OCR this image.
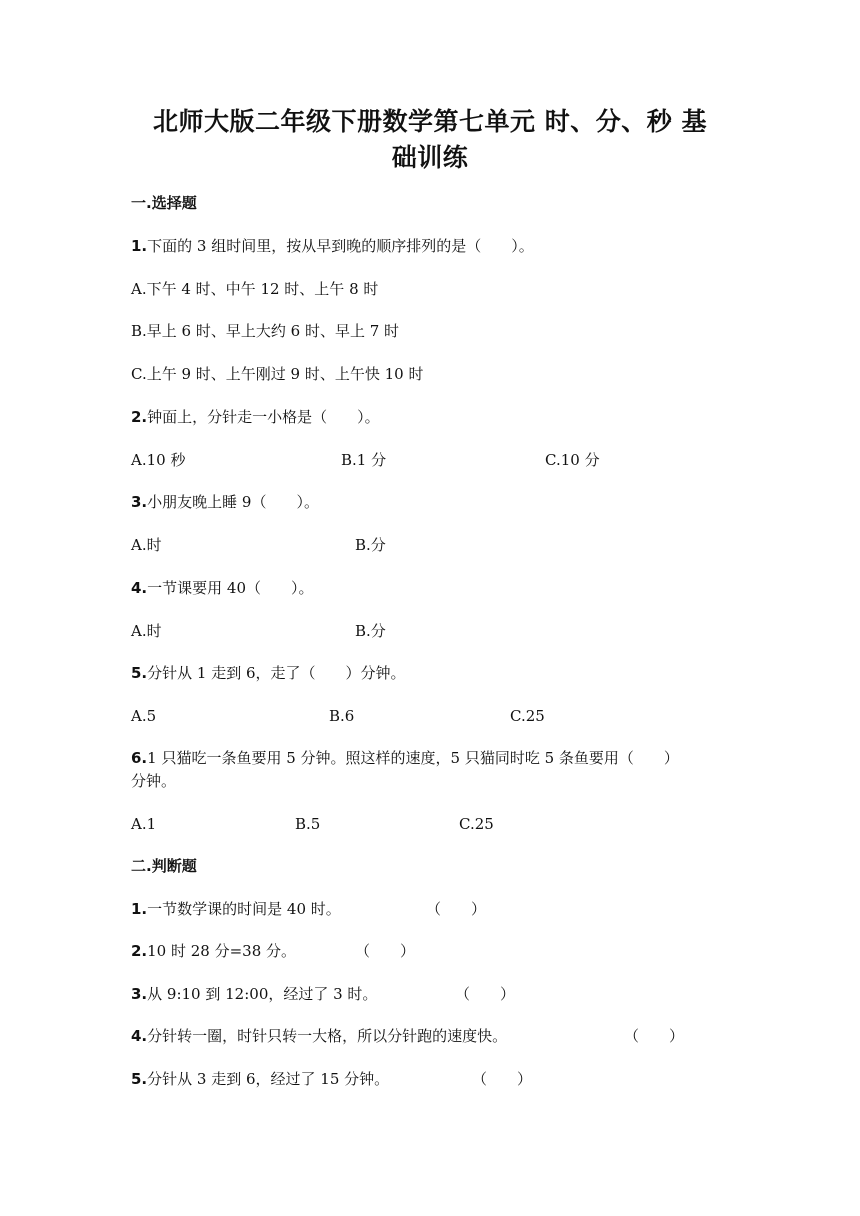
北师大版二年级下册数学第七单元 时、分、秒 基
础训练
一.选择题
1.下面的 3 组时间里，按从早到晚的顺序排列的是（　　）。
A.下午 4 时、中午 12 时、上午 8 时
B.早上 6 时、早上大约 6 时、早上 7 时
C.上午 9 时、上午刚过 9 时、上午快 10 时
2.钟面上，分针走一小格是（　　）。
A.10 秒	B.1 分	C.10 分
3.小朋友晚上睡 9（　　）。
A.时	B.分
4.一节课要用 40（　　）。
A.时	B.分
5.分针从 1 走到 6，走了（　　）分钟。
A.5	B.6	C.25
6.1 只猫吃一条鱼要用 5 分钟。照这样的速度，5 只猫同时吃 5 条鱼要用（　　）
分钟。
A.1	B.5	C.25
二.判断题
1.一节数学课的时间是 40 时。	（　　）
2.10 时 28 分=38 分。	（　　）
3.从 9:10 到 12:00，经过了 3 时。	（　　）
4.分针转一圈，时针只转一大格，所以分针跑的速度快。	（　　）
5.分针从 3 走到 6，经过了 15 分钟。	（　　）
